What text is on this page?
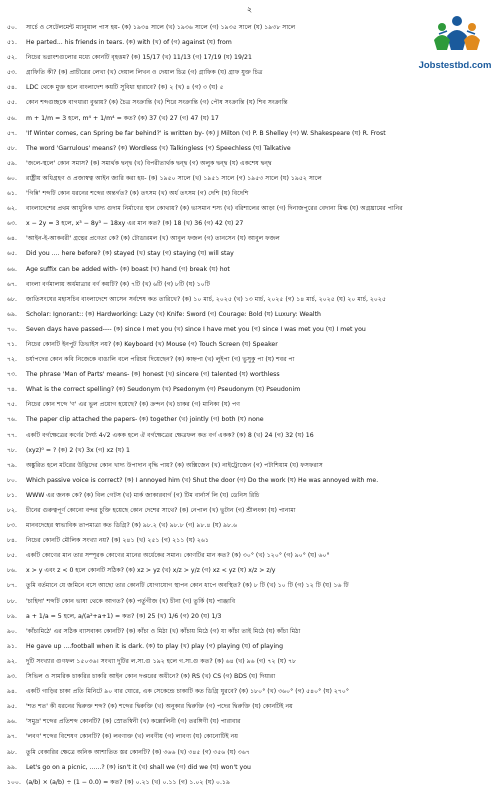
২
Jobstestbd.com
৫০. সার্চে ও সেটেলমেন্ট ম্যানুয়াল পাস হয়- (ক) ১৯৩৪ সালে (খ) ১৯৩৬ সালে (গ) ১৯৩৫ সালে (ঘ) ১৯৩৮ সালে
৫১. He parted... his friends in tears. (ক) with (খ) of (গ) against (ঘ) from
৫২. নিচের ভগ্নাংশগুলোর মধ্যে কোনটি বৃহত্তম? (ক) 15/17 (খ) 11/13 (গ) 17/19 (ঘ) 19/21
৫৩. গ্রাফিতি কী? (ক) প্রাচীরের লেখা (খ) দেয়াল লিখন ও দেয়াল চিত্র (গ) গ্রাফিক (ঘ) গ্রাফ যুক্ত চিত্র
৫৪. LDC থেকে মুক্ত হলে বাংলাদেশ কয়টি সুবিধা হারাবে? (ক) ২ (খ) ৪ (গ) ৩ (ঘ) ৫
৫৫. কোন শব্দগুচ্ছকে বাগধারা বুঝায়? (ক) চৈত্র সংক্রান্তি (খ) শিরে সংক্রান্তি (গ) পৌষ সংক্রান্তি (ঘ) শিব সংক্রান্তি
৫৬. m + 1/m = 3 হলে, m⁴ + 1/m⁴ = কত? (ক) 37 (খ) 27 (গ) 47 (ঘ) 17
৫৭. 'If Winter comes, can Spring be far behind?' is written by- (ক) J Milton (খ) P. B Shelley (গ) W. Shakespeare (ঘ) R. Frost
৫৮. The word 'Garrulous' means? (ক) Wordless (খ) Talkingless (গ) Speechless (ঘ) Talkative
৫৯. 'জলে-স্থলে' কোন সমাস? (ক) সমার্থক দ্বন্দ্ব (খ) বিপরীতার্থক দ্বন্দ্ব (গ) অলুক দ্বন্দ্ব (ঘ) একশেষ দ্বন্দ্ব
৬০. রাষ্ট্রীয় অধিগ্রহণ ও প্রজাস্বত্ব আইন জারি করা হয়- (ক) ১৯৫০ সালে (খ) ১৯৫১ সালে (গ) ১৯৫৩ সালে (ঘ) ১৯৫২ সালে
৬১. 'গিন্নি' শব্দটি কোন ধরনের শব্দের অন্তর্গত? (ক) তৎসম (খ) অর্ধ তৎসম (গ) দেশি (ঘ) বিদেশি
৬২. বাংলাদেশের প্রথম আধুনিক খাদ্য গুদাম নির্মাণের স্থান কোথায়? (ক) ভাসমান শস্য (খ) বরিশালের আড়া (গ) দিনাজপুরের বেদানা মিল্ক (ঘ) অগ্রঘ্রামের পানির
৬৩. x − 2y = 3 হলে, x³ − 8y³ − 18xy এর মান কত? (ক) 18 (খ) 36 (গ) 42 (ঘ) 27
৬৪. 'আইন-ই-আকবরী' গ্রন্থের প্রণেতা কে? (ক) টোডারমল (খ) আবুল ফজল (গ) তানসেন (ঘ) আবুল ফজল
৬৫. Did you .... here before? (ক) stayed (খ) stay (গ) staying (ঘ) will stay
৬৬. Age suffix can be added with- (ক) boast (খ) hand (গ) break (ঘ) hot
৬৭. বাংলা বর্ণমালায় অর্ধমাত্রার বর্ণ কয়টি? (ক) ৭টি (খ) ৬টি (গ) ৮টি (ঘ) ১০টি
৬৮. জাতিসংঘের মহাসচিব বাংলাদেশে আসেন সর্বশেষ কত তারিখে? (ক) ১০ মার্চ, ২০২৫ (খ) ১৩ মার্চ, ২০২৫ (গ) ১৪ মার্চ, ২০২৫ (ঘ) ২০ মার্চ, ২০২৫
৬৯. Scholar: Ignorant:: (ক) Hardworking: Lazy (খ) Knife: Sword (গ) Courage: Bold (ঘ) Luxury: Wealth
৭০. Seven days have passed---- (ক) since I met you (খ) since I have met you (গ) since I was met you (ঘ) I met you
৭১. নিচের কোনটি ইনপুট ডিভাইস নয়? (ক) Keyboard (খ) Mouse (গ) Touch Screen (ঘ) Speaker
৭২. চর্যাপদের কোন কবি নিজেকে বাঙালি বলে পরিচয় দিয়েছেন? (ক) কাহ্নপা (খ) লুইপা (গ) ভুসুকু পা (ঘ) শবর পা
৭৩. The phrase 'Man of Parts' means- (ক) honest (খ) sincere (গ) talented (ঘ) worthless
৭৪. What is the correct spelling? (ক) Seudonym (খ) Psedonym (গ) Pseudonym (ঘ) Pseudonim
৭৫. নিচের কোন শব্দে 'ণ' এর ভুল প্রয়োগ হয়েছে? (ক) ক্রন্দন (খ) চাকর (গ) মানিক্য (ঘ) পণ
৭৬. The paper clip attached the papers- (ক) together (খ) jointly (গ) both (ঘ) none
৭৭. একটি বর্গক্ষেত্রের কর্ণের দৈর্ঘ্য 4√2 একক হলে ঐ বর্গক্ষেত্রের ক্ষেত্রফল কত বর্গ একক? (ক) 8 (খ) 24 (গ) 32 (ঘ) 16
৭৮. (xyz)⁰ = ? (ক) 2 (খ) 3x (গ) xz (ঘ) 1
৭৯. অঙ্কুরিত হলে মটরের উদ্ভিদের কোন খাদ্য উপাদান বৃদ্ধি পায়? (ক) অক্সিজেন (খ) নাইট্রোজেন (গ) পটাশিয়াম (ঘ) ফসফরাস
৮০. Which passive voice is correct? (ক) I annoyed him (খ) Shut the door (গ) Do the work (ঘ) He was annoyed with me.
৮১. WWW এর জনক কে? (ক) বিল গেটস (খ) মার্ক জাকারবার্গ (গ) টিম বার্নার্স লি (ঘ) ডেনিস রিচি
৮২. চীনের গুরুত্বপূর্ণ কোনো বন্দর চুক্তি হয়েছে কোন দেশের সাথে? (ক) নেপাল (খ) ভুটান (গ) শ্রীলংকা (ঘ) পানামা
৮৩. মানবদেহের স্বাভাবিক তাপমাত্রা কত ডিগ্রি? (ক) ৯৮.২ (খ) ৯৮.৮ (গ) ৯৮.৪ (ঘ) ৯৮.৬
৮৪. নিচের কোনটি মৌলিক সংখ্যা নয়? (ক) ২৪১ (খ) ২৫১ (গ) ২১১ (ঘ) ২৬১
৮৫. একটি কোণের মান তার সম্পূরক কোণের মানের অর্ধেকের সমান। কোণটির মান কত? (ক) ৩০° (খ) ১২০° (গ) ৯০° (ঘ) ৬০°
৮৬. x > y এবং z < 0 হলে কোনটি সঠিক? (ক) xz > yz (খ) x/z > y/z (গ) xz < yz (ঘ) x/z > z/y
৮৭. তুমি বর্তমানে যে জমিনে বসে আছো তার কোনটি যোগাযোগ স্থাপন কোন ধাপে অবস্থিত? (ক) ৮ টি (খ) ১০ টি (গ) ১২ টি (ঘ) ১৬ টি
৮৮. 'চাহিদা' শব্দটি কোন ভাষা থেকে আগত? (ক) পর্তুগীজ (খ) চীনা (গ) তুর্কি (ঘ) পাঞ্জাবি
৮৯. a + 1/a = 5 হলে, a/(a²+a+1) = কত? (ক) 25 (খ) 1/6 (গ) 20 (ঘ) 1/3
৯০. 'কাঁচামিঠে' এর সঠিক ব্যাসবাক্য কোনটি? (ক) কাঁচা ও মিঠা (খ) কাঁচায় মিঠে (গ) যা কাঁচা তাই মিঠে (ঘ) কাঁচা মিঠা
৯১. He gave up ....football when it is dark. (ক) to play (খ) play (গ) playing (ঘ) of playing
৯২. দুটি সংখ্যার গুণফল ১৫০৩৬। সংখ্যা দুটির ল.সা.গু ১৯২ হলে গ.সা.গু কত? (ক) ৬৪ (খ) ৯৬ (গ) ৭২ (ঘ) ৭৮
৯৩. সিভিল ও সামরিক চাকরির চাকরি আইন কোন দপ্তরের অধীনে? (ক) RS (খ) CS (গ) BDS (ঘ) দিয়ারা
৯৪. একটি গাড়ির চাকা প্রতি মিনিটে ৯০ বার ঘোরে, এক সেকেন্ডে চাকাটি কত ডিগ্রি ঘুরবে? (ক) ১৮০° (খ) ৩৬০° (গ) ৫৪০° (ঘ) ২৭০°
৯৫. 'শত শত' কী ধরনের দ্বিরুক্ত শব্দ? (ক) শব্দের দ্বিরুক্তি (খ) অনুকার দ্বিরুক্তি (গ) পদের দ্বিরুক্তি (ঘ) কোনটিই নয়
৯৬. 'সমুদ্র' শব্দের প্রতিশব্দ কোনটি? (ক) স্রোতস্বিনী (খ) কল্লোলিনী (গ) তরঙ্গিণী (ঘ) পারাবার
৯৭. 'লবণ' শব্দের বিশেষণ কোনটি? (ক) লবণাক্ত (খ) লবণীয় (গ) লাবণ্য (ঘ) কোনোটিই নয়
৯৮. তুমি বেকারির ক্ষেত্রে অনিক আশাতিত স্তর কোনটি? (ক) ৩৬৬ (খ) ৩৪৫ (গ) ৩৫৬ (ঘ) ৩৬৭
৯৯. Let's go on a picnic, ......? (ক) isn't it (খ) shall we (গ) did we (ঘ) won't you
১০০. (a/b) × (a/b) ÷ (1 − 0.0) = কত? (ক) ০.২১ (খ) ০.১১ (গ) ১.০২ (ঘ) ০.১৯
